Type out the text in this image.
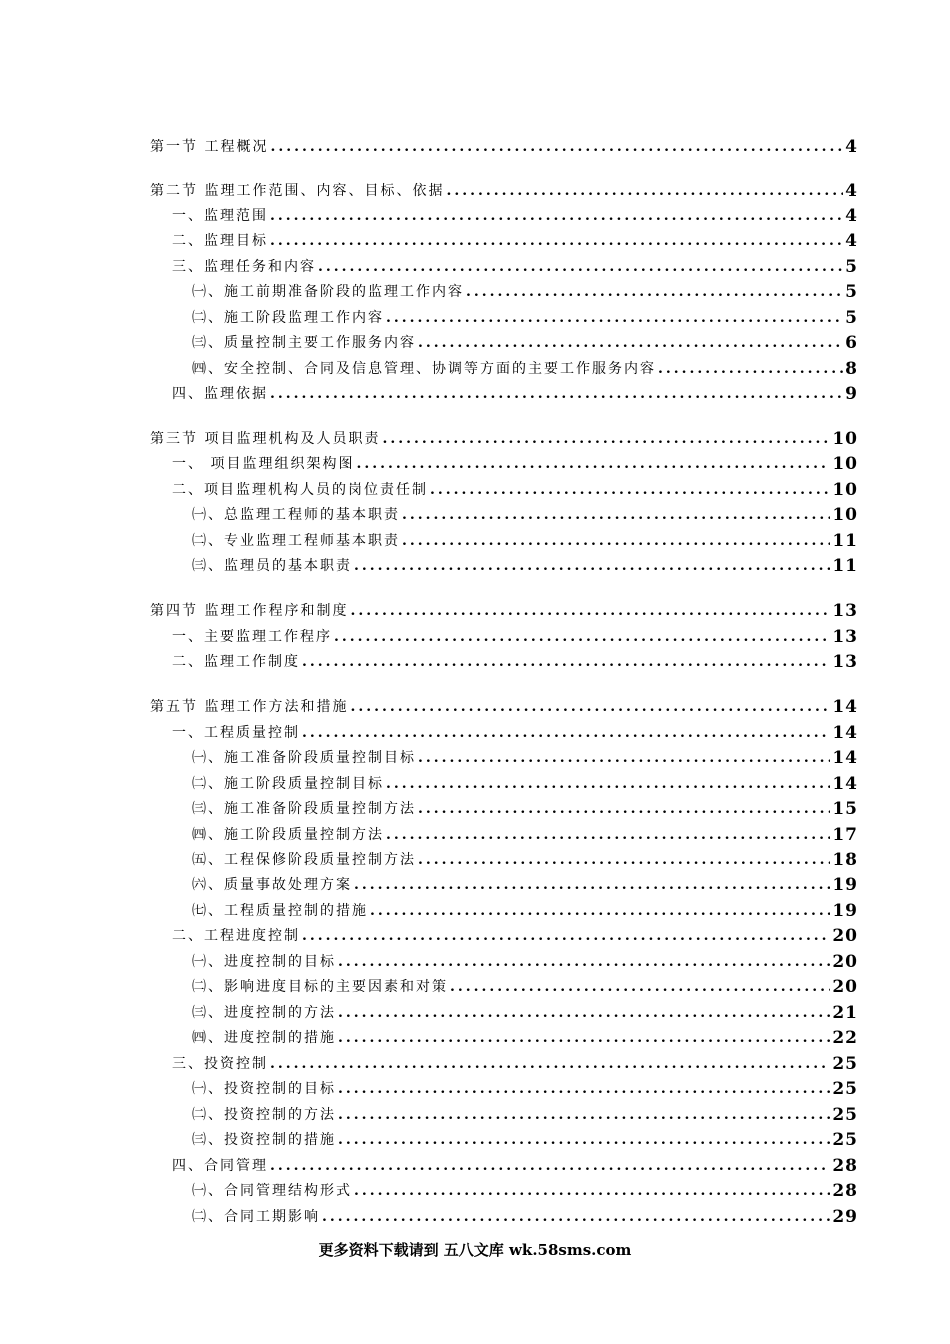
第一节 工程概况 .....	4
第二节 监理工作范围、内容、目标、依据 .....	4
一、监理范围 .....	4
二、监理目标 .....	4
三、监理任务和内容 .....	5
㈠、施工前期准备阶段的监理工作内容 .....	5
㈡、施工阶段监理工作内容 .....	5
㈢、质量控制主要工作服务内容 .....	6
㈣、安全控制、合同及信息管理、协调等方面的主要工作服务内容 .....	8
四、监理依据 .....	9
第三节 项目监理机构及人员职责 .....	10
一、 项目监理组织架构图 .....	10
二、项目监理机构人员的岗位责任制 .....	10
㈠、总监理工程师的基本职责 .....	10
㈡、专业监理工程师基本职责 .....	11
㈢、监理员的基本职责 .....	11
第四节 监理工作程序和制度 .....	13
一、主要监理工作程序 .....	13
二、监理工作制度 .....	13
第五节 监理工作方法和措施 .....	14
一、工程质量控制 .....	14
㈠、施工准备阶段质量控制目标 .....	14
㈡、施工阶段质量控制目标 .....	14
㈢、施工准备阶段质量控制方法 .....	15
㈣、施工阶段质量控制方法 .....	17
㈤、工程保修阶段质量控制方法 .....	18
㈥、质量事故处理方案 .....	19
㈦、工程质量控制的措施 .....	19
二、工程进度控制 .....	20
㈠、进度控制的目标 .....	20
㈡、影响进度目标的主要因素和对策 .....	20
㈢、进度控制的方法 .....	21
㈣、进度控制的措施 .....	22
三、投资控制 .....	25
㈠、投资控制的目标 .....	25
㈡、投资控制的方法 .....	25
㈢、投资控制的措施 .....	25
四、合同管理 .....	28
㈠、合同管理结构形式 .....	28
㈡、合同工期影响 .....	29
更多资料下载请到 五八文库 wk.58sms.com
